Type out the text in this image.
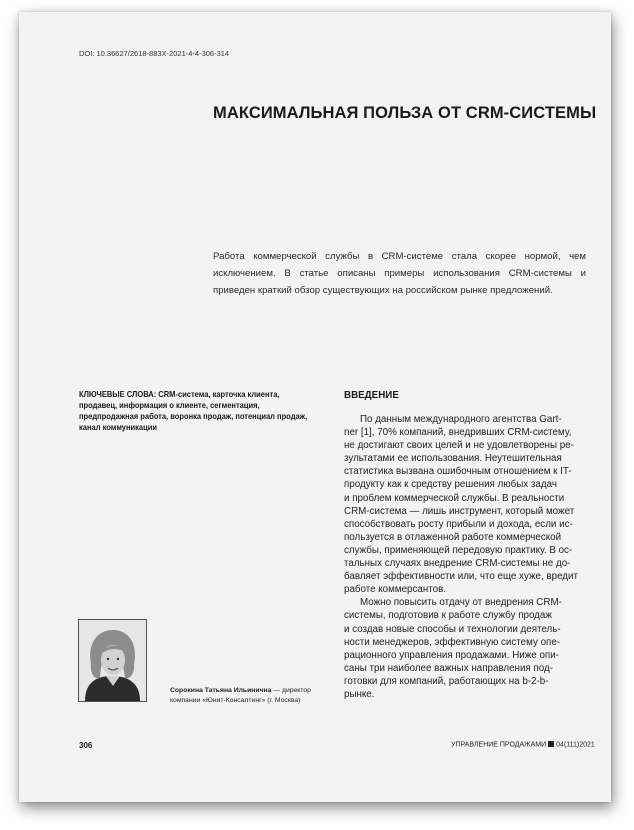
DOI: 10.36627/2618-883X-2021-4-4-306-314
МАКСИМАЛЬНАЯ ПОЛЬЗА ОТ CRM-СИСТЕМЫ

Работа коммерческой службы в CRM-системе стала скорее нормой, чем исключением. В статье описаны примеры использования CRM-системы и приведен краткий обзор существующих на российском рынке предложений.

КЛЮЧЕВЫЕ СЛОВА: CRM-система, карточка клиента, продавец, информация о клиенте, сегментация, предпродажная работа, воронка продаж, потенциал продаж, канал коммуникации

ВВЕДЕНИЕ
По данным международного агентства Gart-
ner [1], 70% компаний, внедривших CRM-систему,
не достигают своих целей и не удовлетворены ре-
зультатами ее использования. Неутешительная
статистика вызвана ошибочным отношением к IT-
продукту как к средству решения любых задач
и проблем коммерческой службы. В реальности
CRM-система — лишь инструмент, который может
способствовать росту прибыли и дохода, если ис-
пользуется в отлаженной работе коммерческой
службы, применяющей передовую практику. В ос-
тальных случаях внедрение CRM-системы не до-
бавляет эффективности или, что еще хуже, вредит
работе коммерсантов.
Можно повысить отдачу от внедрения CRM-
системы, подготовив к работе службу продаж
и создав новые способы и технологии деятель-
ности менеджеров, эффективную систему опе-
рационного управления продажами. Ниже опи-
саны три наиболее важных направления под-
готовки для компаний, работающих на b-2-b-
рынке.
Сорокина Татьяна Ильинична — директор компании «Юнит-Консалтинг» (г. Москва)
306	УПРАВЛЕНИЕ ПРОДАЖАМИ 04(111)2021
